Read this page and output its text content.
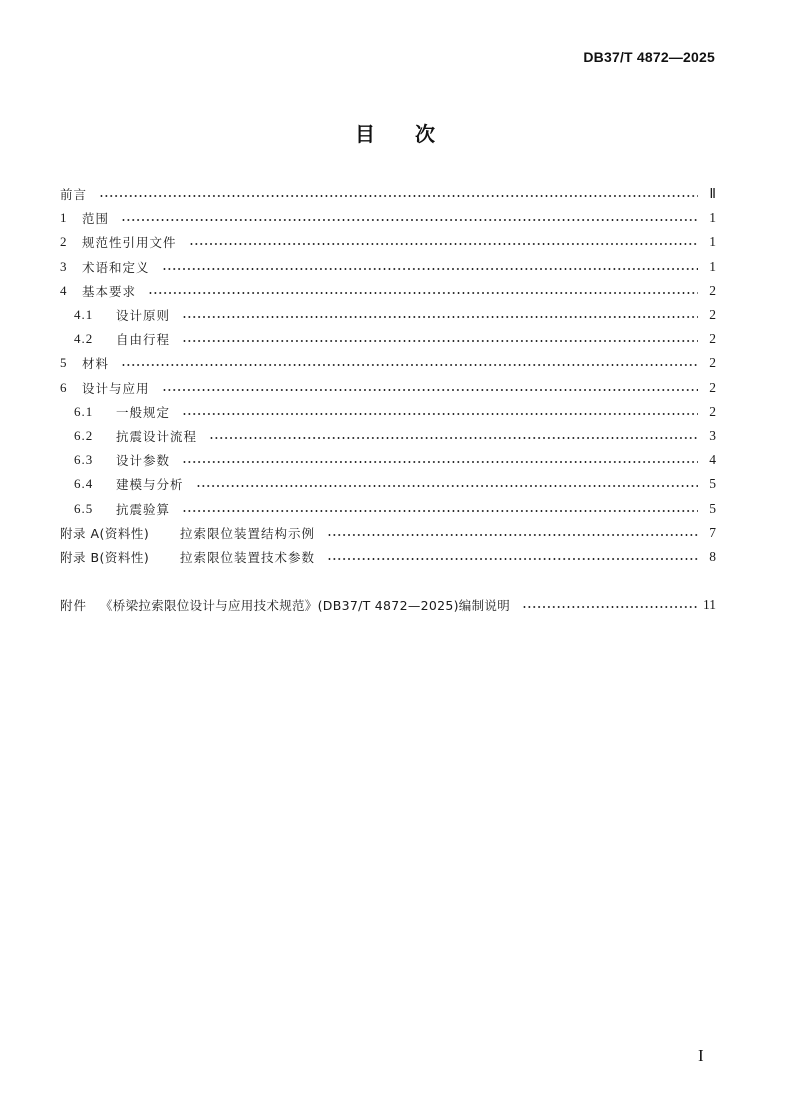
DB37/T 4872—2025
目 次
前言	Ⅱ
1	范围	1
2	规范性引用文件	1
3	术语和定义	1
4	基本要求	2
4.1	设计原则	2
4.2	自由行程	2
5	材料	2
6	设计与应用	2
6.1	一般规定	2
6.2	抗震设计流程	3
6.3	设计参数	4
6.4	建模与分析	5
6.5	抗震验算	5
附录 A(资料性)	拉索限位装置结构示例	7
附录 B(资料性)	拉索限位装置技术参数	8
附件	《桥梁拉索限位设计与应用技术规范》(DB37/T 4872—2025)编制说明	11
I
